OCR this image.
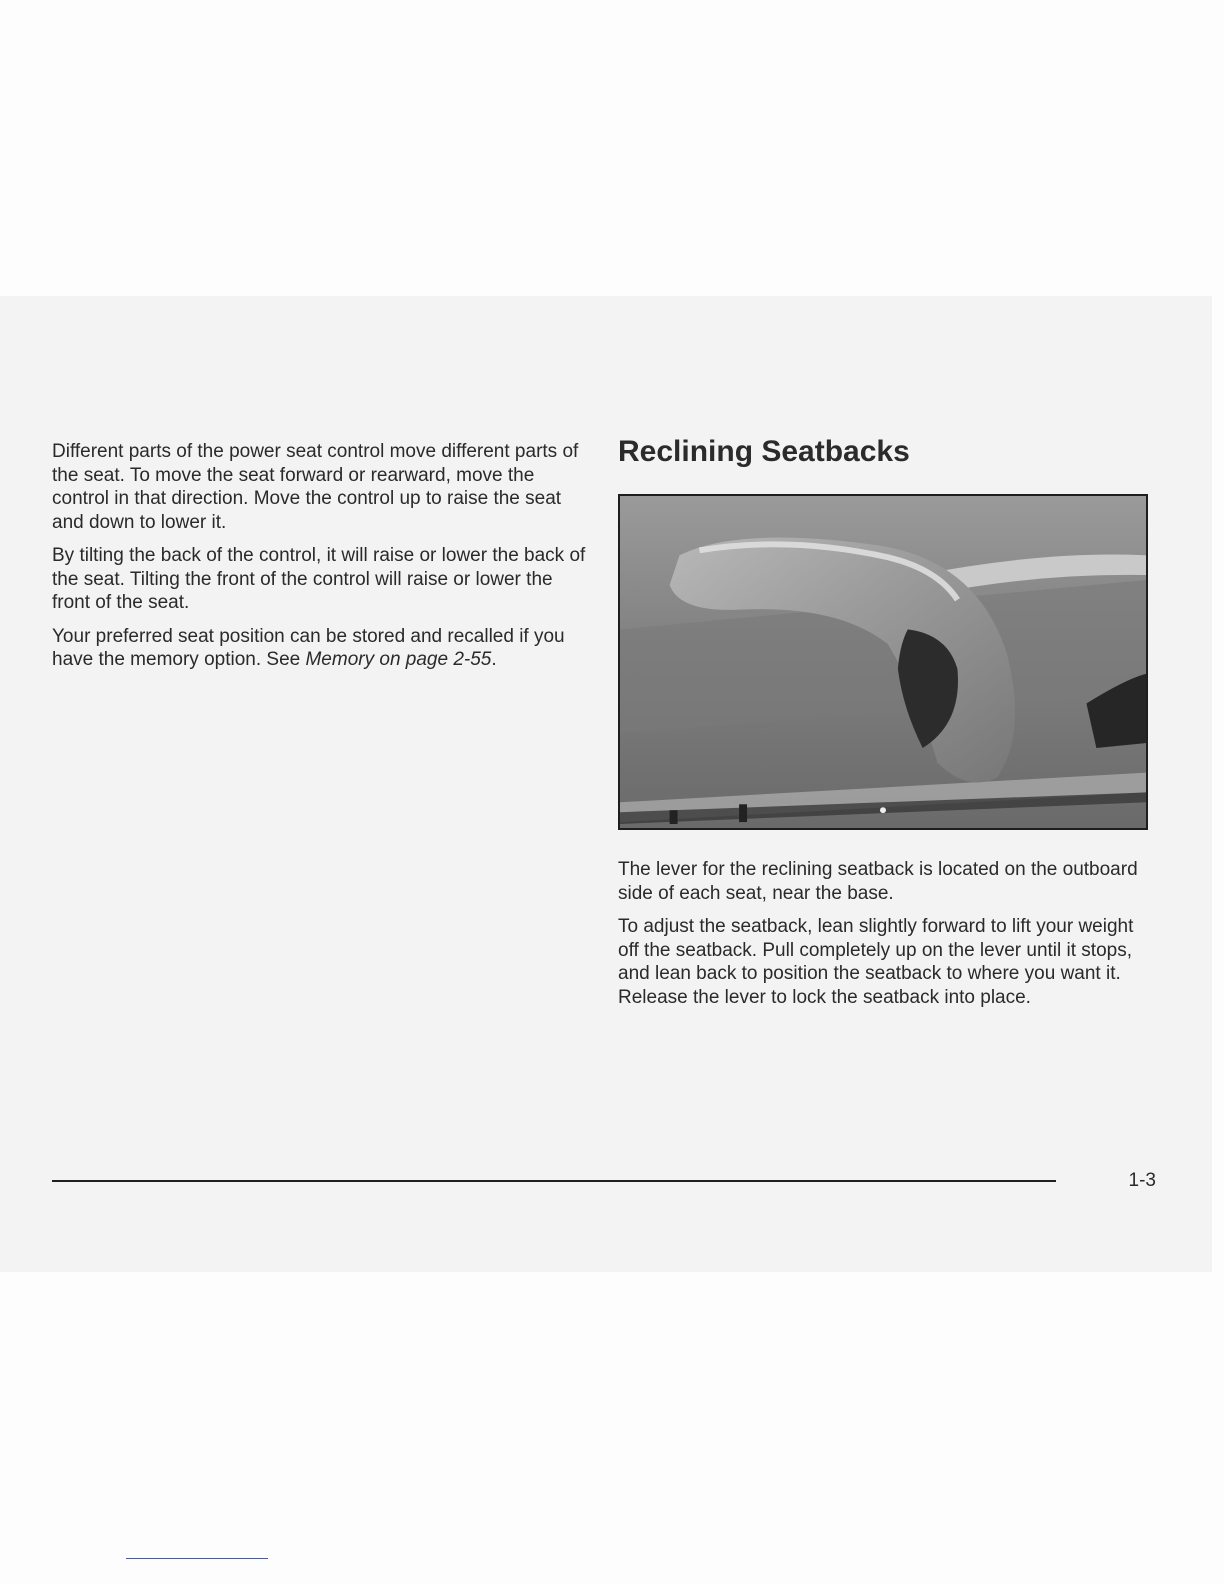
Different parts of the power seat control move different parts of the seat. To move the seat forward or rearward, move the control in that direction. Move the control up to raise the seat and down to lower it.

By tilting the back of the control, it will raise or lower the back of the seat. Tilting the front of the control will raise or lower the front of the seat.

Your preferred seat position can be stored and recalled if you have the memory option. See Memory on page 2-55.

Reclining Seatbacks

The lever for the reclining seatback is located on the outboard side of each seat, near the base.

To adjust the seatback, lean slightly forward to lift your weight off the seatback. Pull completely up on the lever until it stops, and lean back to position the seatback to where you want it. Release the lever to lock the seatback into place.

1-3
